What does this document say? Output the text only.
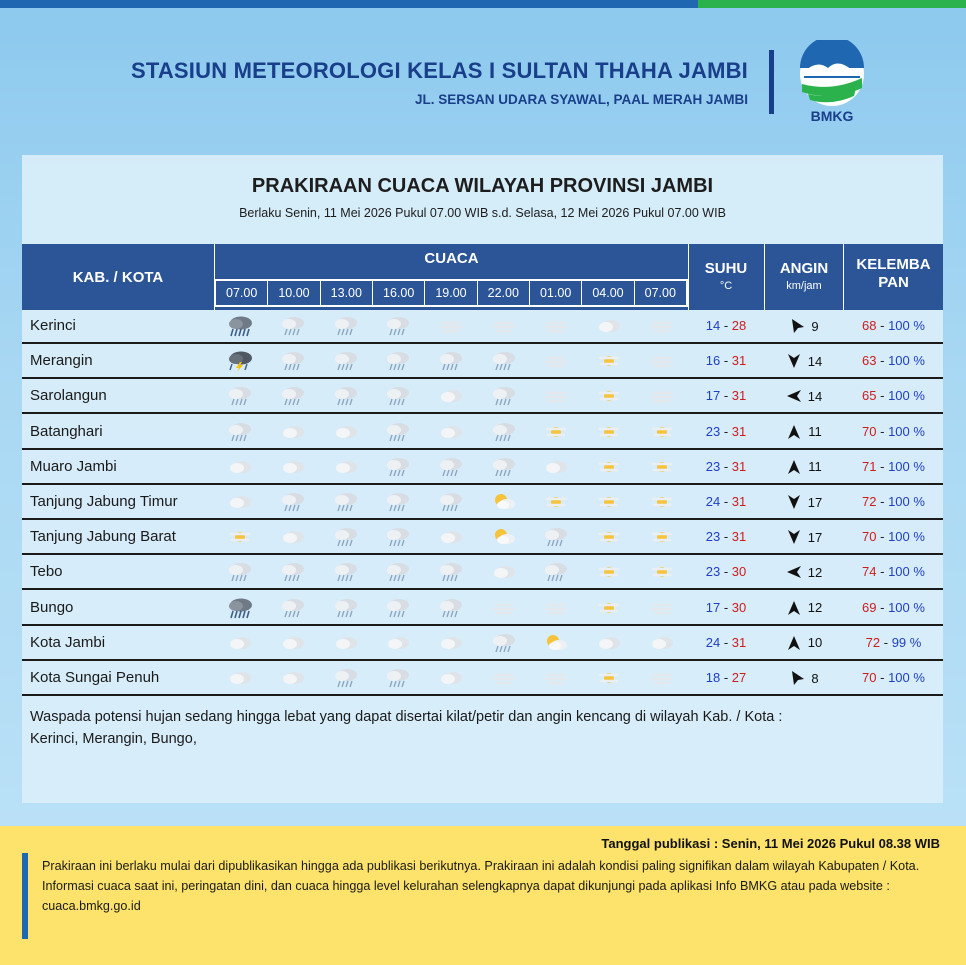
STASIUN METEOROLOGI KELAS I SULTAN THAHA JAMBI
JL. SERSAN UDARA SYAWAL, PAAL MERAH JAMBI
BMKG
PRAKIRAAN CUACA WILAYAH PROVINSI JAMBI
Berlaku Senin, 11 Mei 2026 Pukul 07.00 WIB s.d. Selasa, 12 Mei 2026 Pukul 07.00 WIB
KAB. / KOTA
CUACA
07.00	10.00	13.00	16.00	19.00	22.00	01.00	04.00	07.00
SUHU
°C
ANGIN
km/jam
KELEMBA
PAN
Kerinci	14 - 28	9	68 - 100 %
Merangin	16 - 31	14	63 - 100 %
Sarolangun	17 - 31	14	65 - 100 %
Batanghari	23 - 31	11	70 - 100 %
Muaro Jambi	23 - 31	11	71 - 100 %
Tanjung Jabung Timur	24 - 31	17	72 - 100 %
Tanjung Jabung Barat	23 - 31	17	70 - 100 %
Tebo	23 - 30	12	74 - 100 %
Bungo	17 - 30	12	69 - 100 %
Kota Jambi	24 - 31	10	72 - 99 %
Kota Sungai Penuh	18 - 27	8	70 - 100 %
Waspada potensi hujan sedang hingga lebat yang dapat disertai kilat/petir dan angin kencang di wilayah Kab. / Kota :
Kerinci, Merangin, Bungo,
Tanggal publikasi : Senin, 11 Mei 2026 Pukul 08.38 WIB
Prakiraan ini berlaku mulai dari dipublikasikan hingga ada publikasi berikutnya. Prakiraan ini adalah kondisi paling signifikan dalam wilayah Kabupaten / Kota. Informasi cuaca saat ini, peringatan dini, dan cuaca hingga level kelurahan selengkapnya dapat dikunjungi pada aplikasi Info BMKG atau pada website : cuaca.bmkg.go.id
